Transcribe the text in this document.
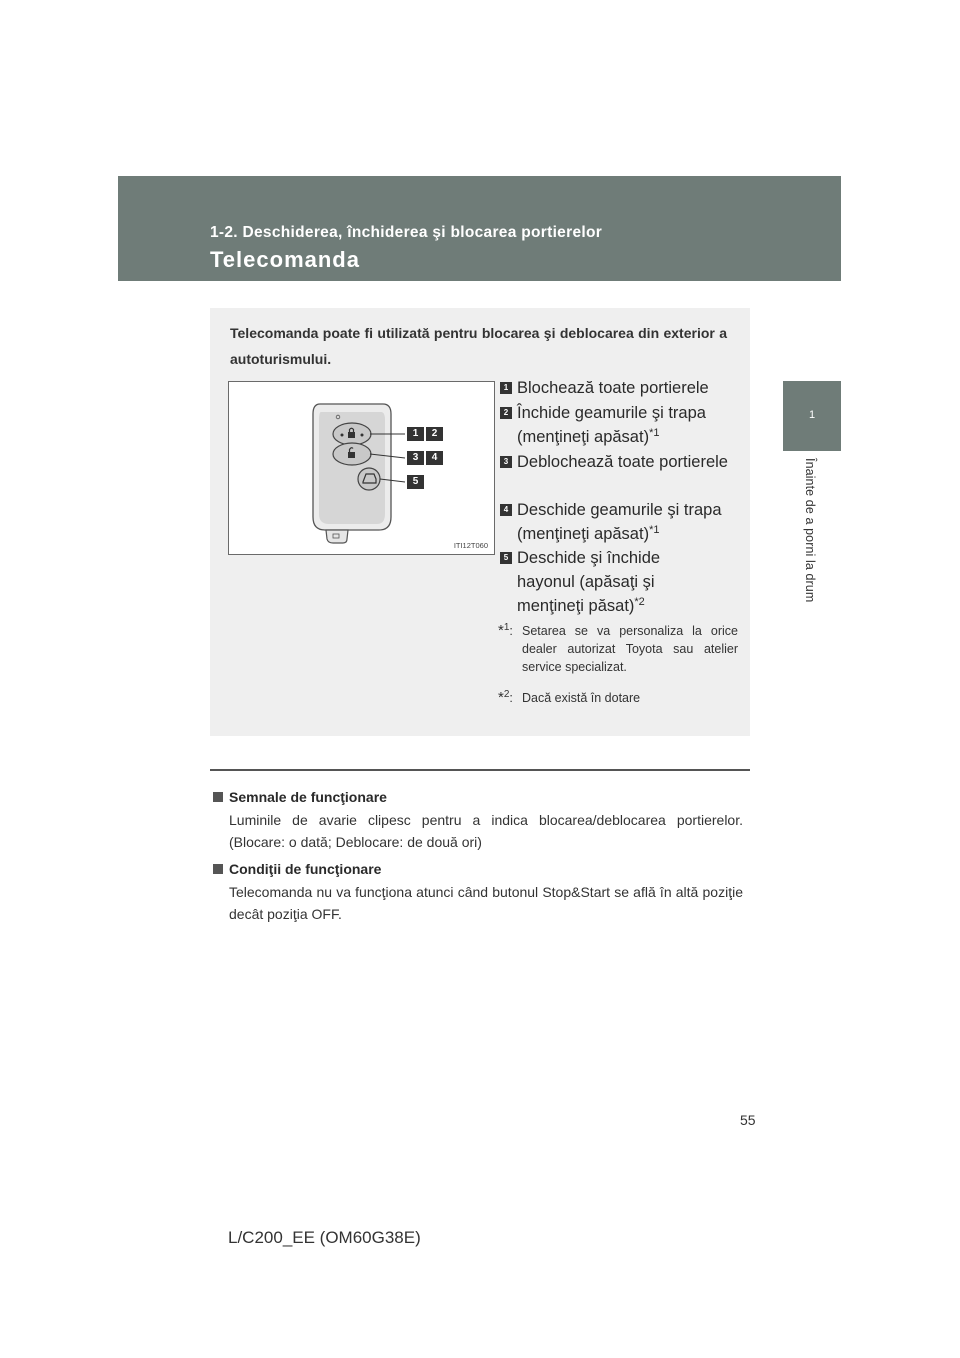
1-2. Deschiderea, închiderea şi blocarea portierelor
Telecomanda
1
Înainte de a porni la drum
Telecomanda poate fi utilizată pentru blocarea şi deblocarea din exterior a autoturismului.
1	2
3	4
5
ITI12T060
1 Blochează toate portierele
2 Închide geamurile şi trapa (menţineţi apăsat)$^{*1}$
3 Deblochează toate portierele
4 Deschide geamurile şi trapa (menţineţi apăsat)$^{*1}$
5 Deschide şi închide hayonul (apăsaţi şi menţineţi păsat)$^{*2}$
*$^1$: Setarea se va personaliza la orice dealer autorizat Toyota sau atelier service specializat.
*$^2$: Dacă există în dotare
Semnale de funcţionare
Luminile de avarie clipesc pentru a indica blocarea/deblocarea portierelor. (Blocare: o dată; Deblocare: de două ori)
Condiţii de funcţionare
Telecomanda nu va funcţiona atunci când butonul Stop&Start se află în altă poziţie decât poziţia OFF.
55
L/C200_EE (OM60G38E)
